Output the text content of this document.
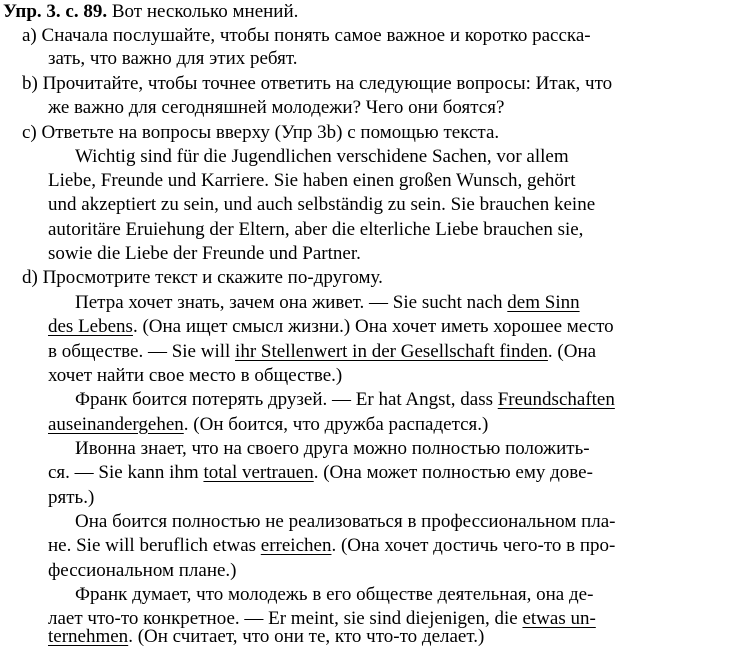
Упр. 3. с. 89. Вот несколько мнений.
a) Сначала послушайте, чтобы понять самое важное и коротко расска-
зать, что важно для этих ребят.
b) Прочитайте, чтобы точнее ответить на следующие вопросы: Итак, что
же важно для сегодняшней молодежи? Чего они боятся?
c) Ответьте на вопросы вверху (Упр 3b) с помощью текста.
Wichtig sind für die Jugendlichen verschidene Sachen, vor allem
Liebe, Freunde und Karriere. Sie haben einen großen Wunsch, gehört
und akzeptiert zu sein, und auch selbständig zu sein. Sie brauchen keine
autoritäre Eruiehung der Eltern, aber die elterliche Liebe brauchen sie,
sowie die Liebe der Freunde und Partner.
d) Просмотрите текст и скажите по-другому.
Петра хочет знать, зачем она живет. — Sie sucht nach dem Sinn
des Lebens. (Она ищет смысл жизни.) Она хочет иметь хорошее место
в обществе. — Sie will ihr Stellenwert in der Gesellschaft finden. (Она
хочет найти свое место в обществе.)
Франк боится потерять друзей. — Er hat Angst, dass Freundschaften
auseinandergehen. (Он боится, что дружба распадется.)
Ивонна знает, что на своего друга можно полностью положить-
ся. — Sie kann ihm total vertrauen. (Она может полностью ему дове-
рять.)
Она боится полностью не реализоваться в профессиональном пла-
не. Sie will beruflich etwas erreichen. (Она хочет достичь чего-то в про-
фессиональном плане.)
Франк думает, что молодежь в его обществе деятельная, она де-
лает что-то конкретное. — Er meint, sie sind diejenigen, die etwas un-
ternehmen. (Он считает, что они те, кто что-то делает.)
